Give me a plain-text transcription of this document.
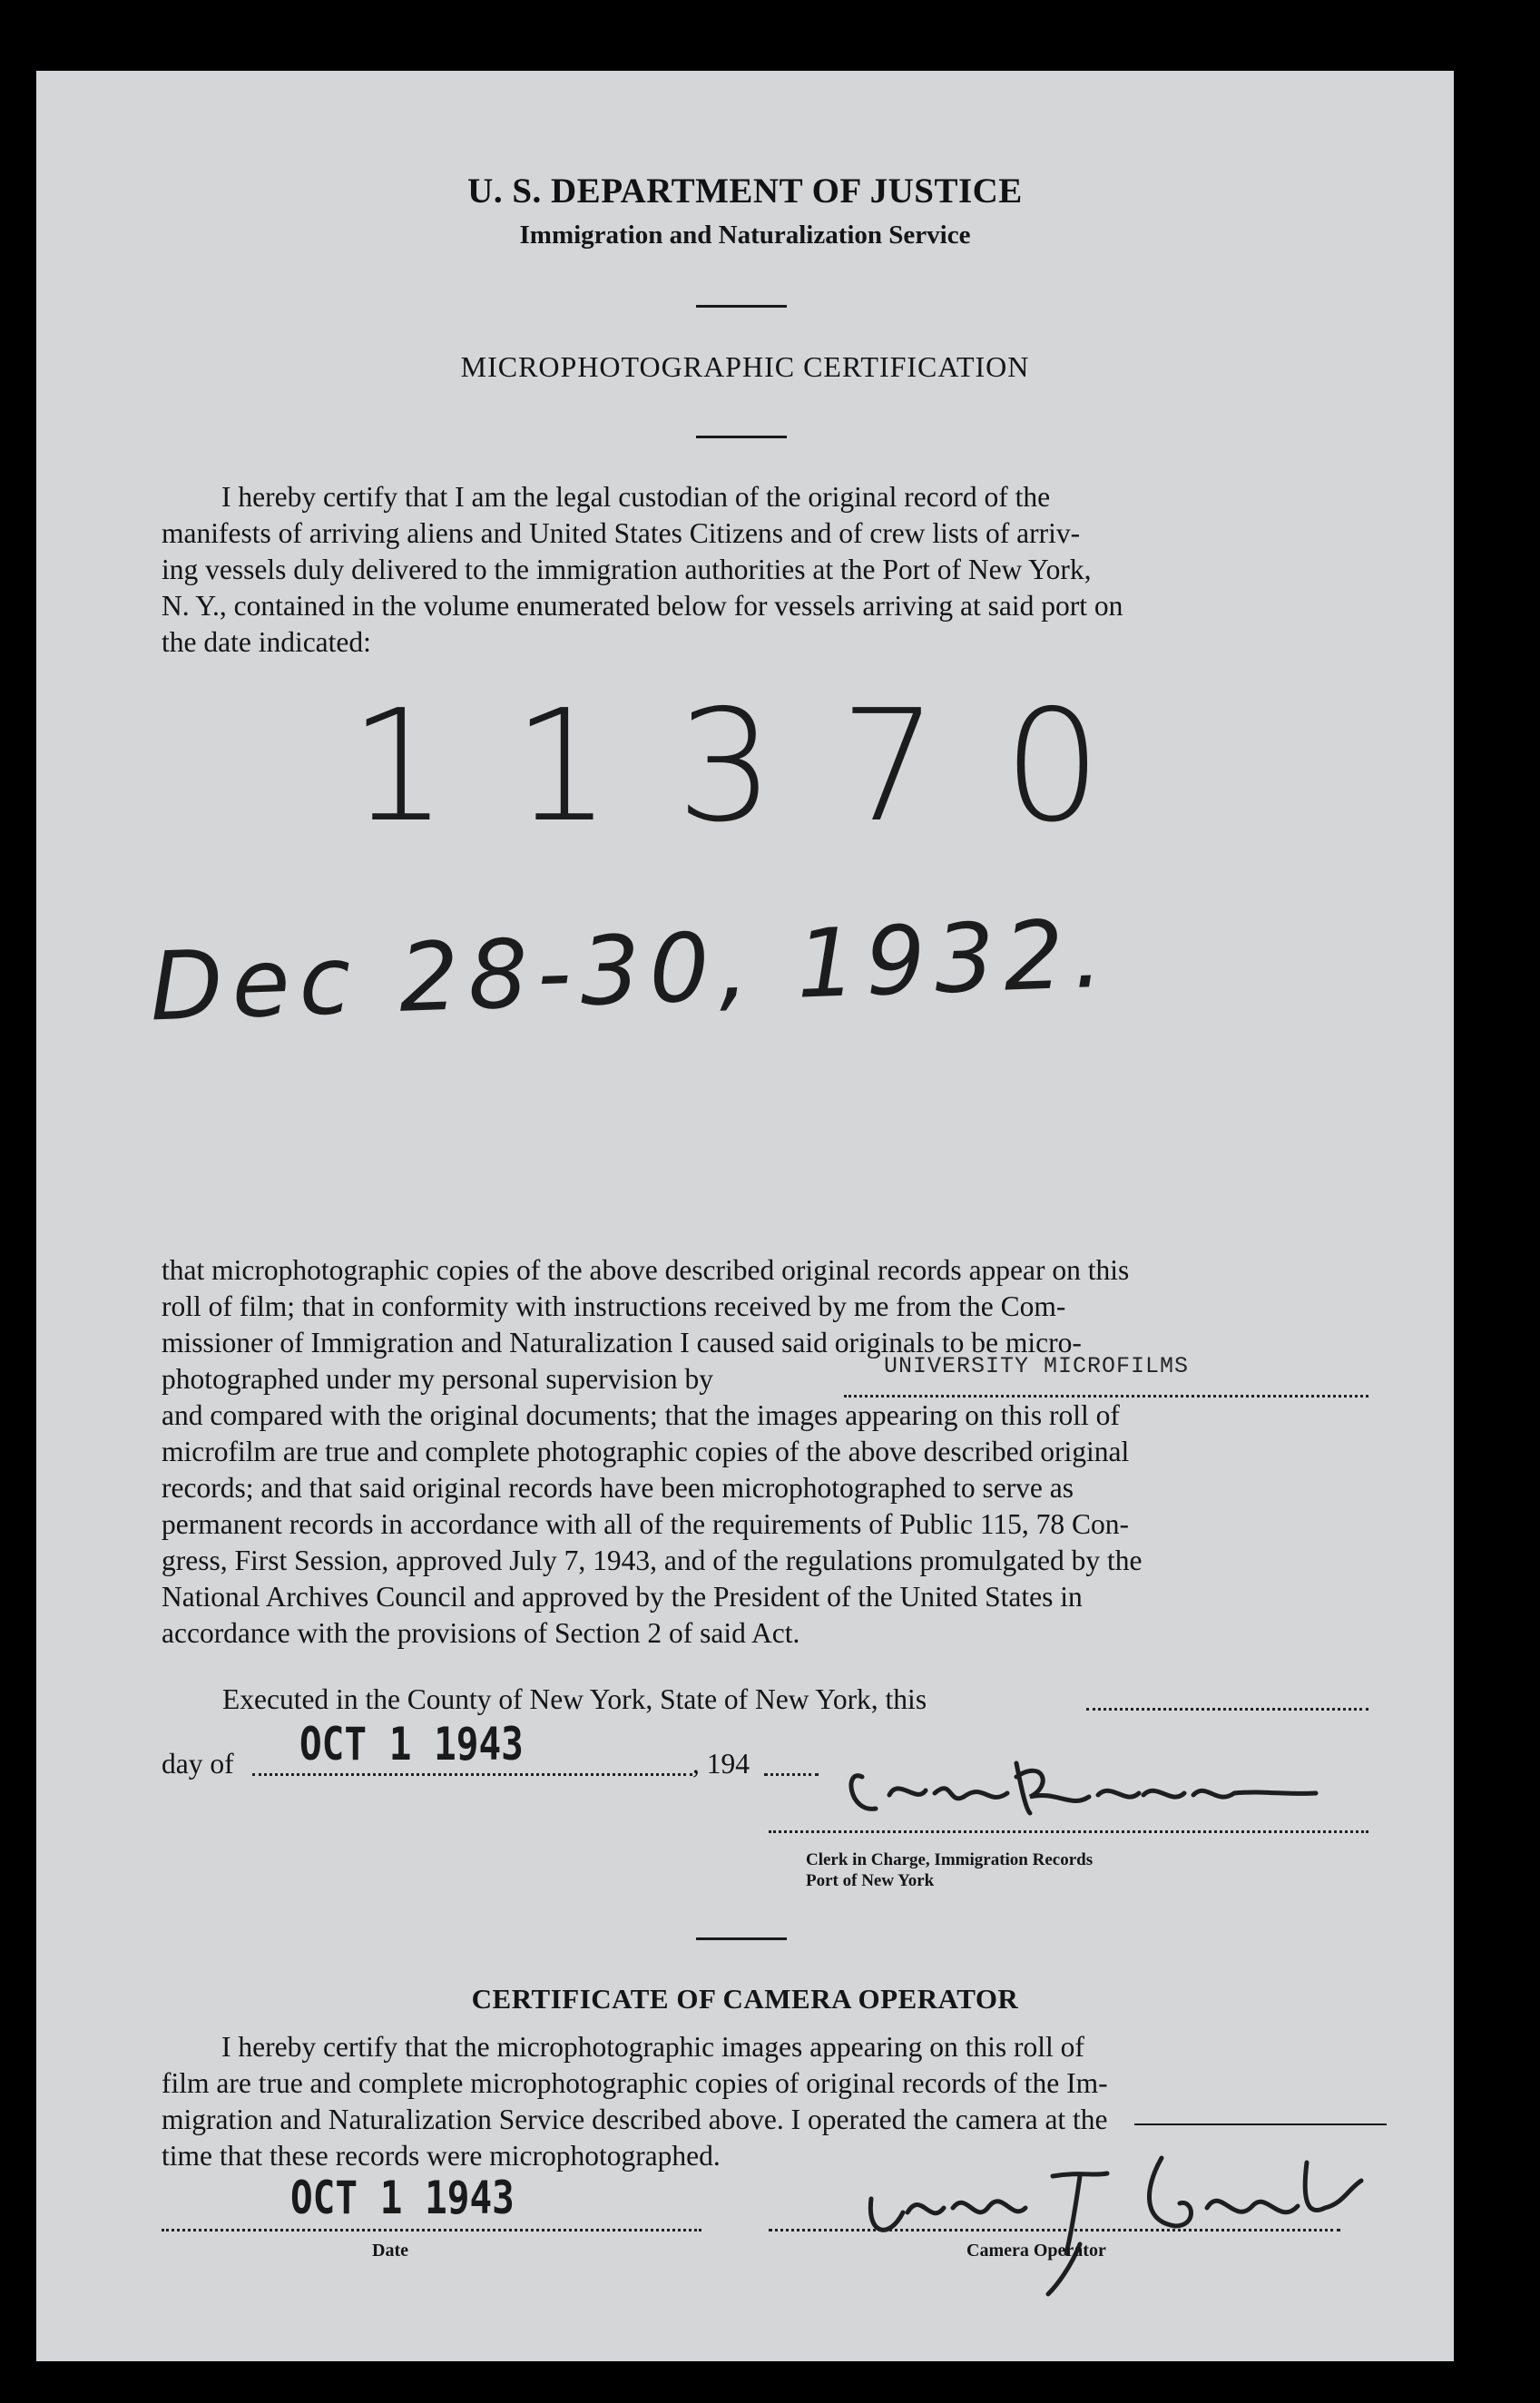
U. S. DEPARTMENT OF JUSTICE
Immigration and Naturalization Service
MICROPHOTOGRAPHIC CERTIFICATION

I hereby certify that I am the legal custodian of the original record of the

manifests of arriving aliens and United States Citizens and of crew lists of arriv-

ing vessels duly delivered to the immigration authorities at the Port of New York,

N. Y., contained in the volume enumerated below for vessels arriving at said port on

the date indicated:

11370
Dec 28-30, 1932.

that microphotographic copies of the above described original records appear on this

roll of film; that in conformity with instructions received by me from the Com-

missioner of Immigration and Naturalization I caused said originals to be micro-

photographed under my personal supervision by

and compared with the original documents; that the images appearing on this roll of

microfilm are true and complete photographic copies of the above described original

records; and that said original records have been microphotographed to serve as

permanent records in accordance with all of the requirements of Public 115, 78 Con-

gress, First Session, approved July 7, 1943, and of the regulations promulgated by the

National Archives Council and approved by the President of the United States in

accordance with the provisions of Section 2 of said Act.

UNIVERSITY MICROFILMS
Executed in the County of New York, State of New York, this
day of OCT 1 1943	, 194
Clerk in Charge, Immigration Records
Port of New York
CERTIFICATE OF CAMERA OPERATOR

I hereby certify that the microphotographic images appearing on this roll of

film are true and complete microphotographic copies of original records of the Im-

migration and Naturalization Service described above. I operated the camera at the

time that these records were microphotographed.

OCT 1 1943
Date	Camera Operator
